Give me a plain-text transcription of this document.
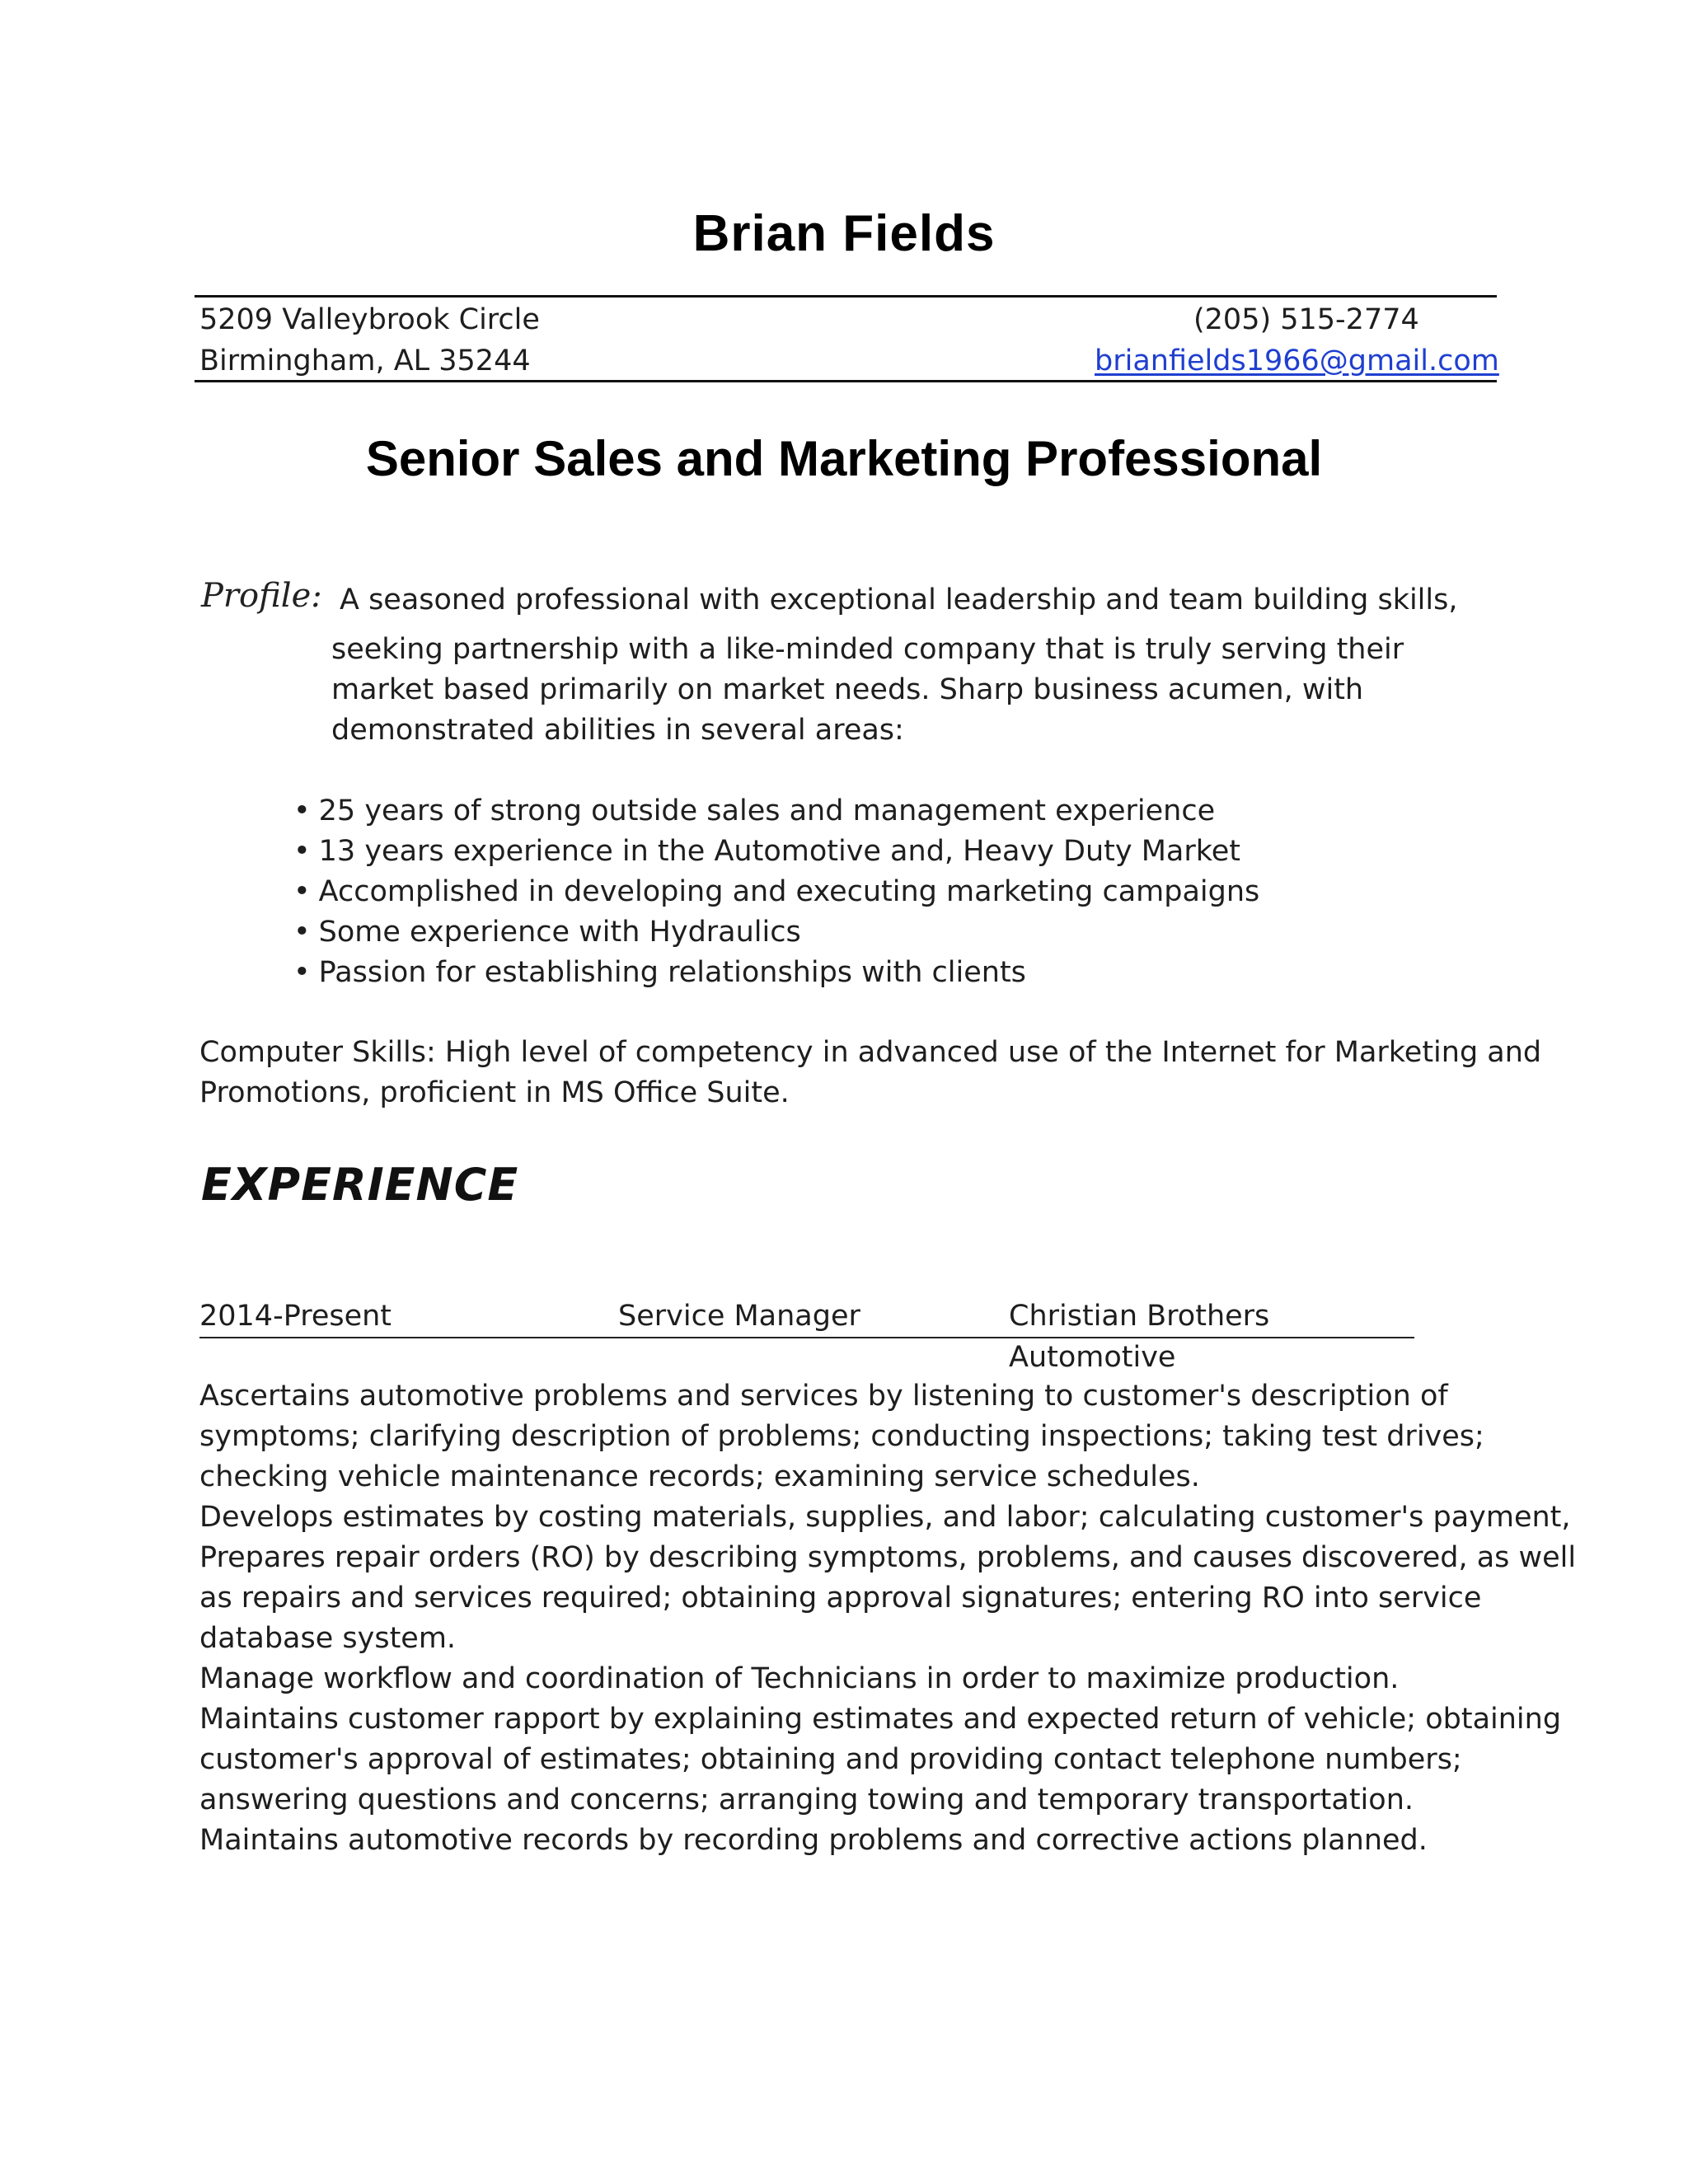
Brian Fields
5209 Valleybrook Circle	(205) 515-2774
Birmingham, AL 35244	brianfields1966@gmail.com
Senior Sales and Marketing Professional
Profile: A seasoned professional with exceptional leadership and team building skills,
seeking partnership with a like-minded company that is truly serving their
market based primarily on market needs. Sharp business acumen, with
demonstrated abilities in several areas:
• 25 years of strong outside sales and management experience
• 13 years experience in the Automotive and, Heavy Duty Market
• Accomplished in developing and executing marketing campaigns
• Some experience with Hydraulics
• Passion for establishing relationships with clients
Computer Skills: High level of competency in advanced use of the Internet for Marketing and
Promotions, proficient in MS Office Suite.
EXPERIENCE
2014-Present	Service Manager	Christian Brothers Automotive
Ascertains automotive problems and services by listening to customer's description of
symptoms; clarifying description of problems; conducting inspections; taking test drives;
checking vehicle maintenance records; examining service schedules.
Develops estimates by costing materials, supplies, and labor; calculating customer's payment,
Prepares repair orders (RO) by describing symptoms, problems, and causes discovered, as well
as repairs and services required; obtaining approval signatures; entering RO into service
database system.
Manage workflow and coordination of Technicians in order to maximize production.
Maintains customer rapport by explaining estimates and expected return of vehicle; obtaining
customer's approval of estimates; obtaining and providing contact telephone numbers;
answering questions and concerns; arranging towing and temporary transportation.
Maintains automotive records by recording problems and corrective actions planned.
